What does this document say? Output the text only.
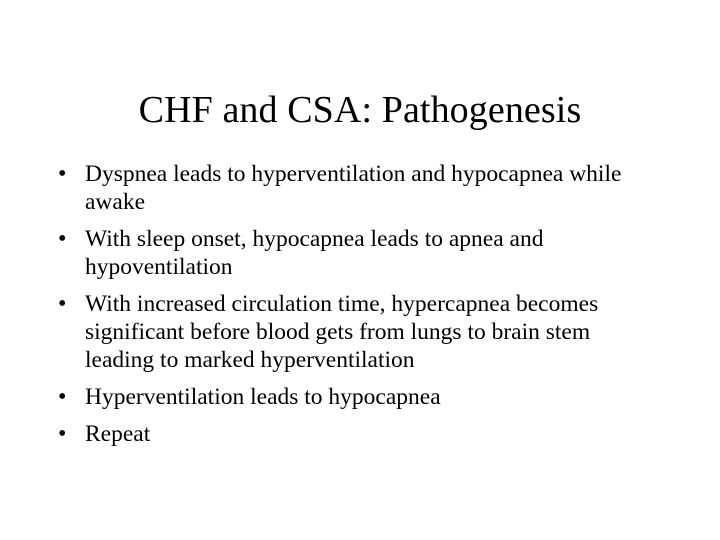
CHF and CSA: Pathogenesis
• Dyspnea leads to hyperventilation and hypocapnea while awake
• With sleep onset, hypocapnea leads to apnea and hypoventilation
• With increased circulation time, hypercapnea becomes significant before blood gets from lungs to brain stem leading to marked hyperventilation
• Hyperventilation leads to hypocapnea
• Repeat
